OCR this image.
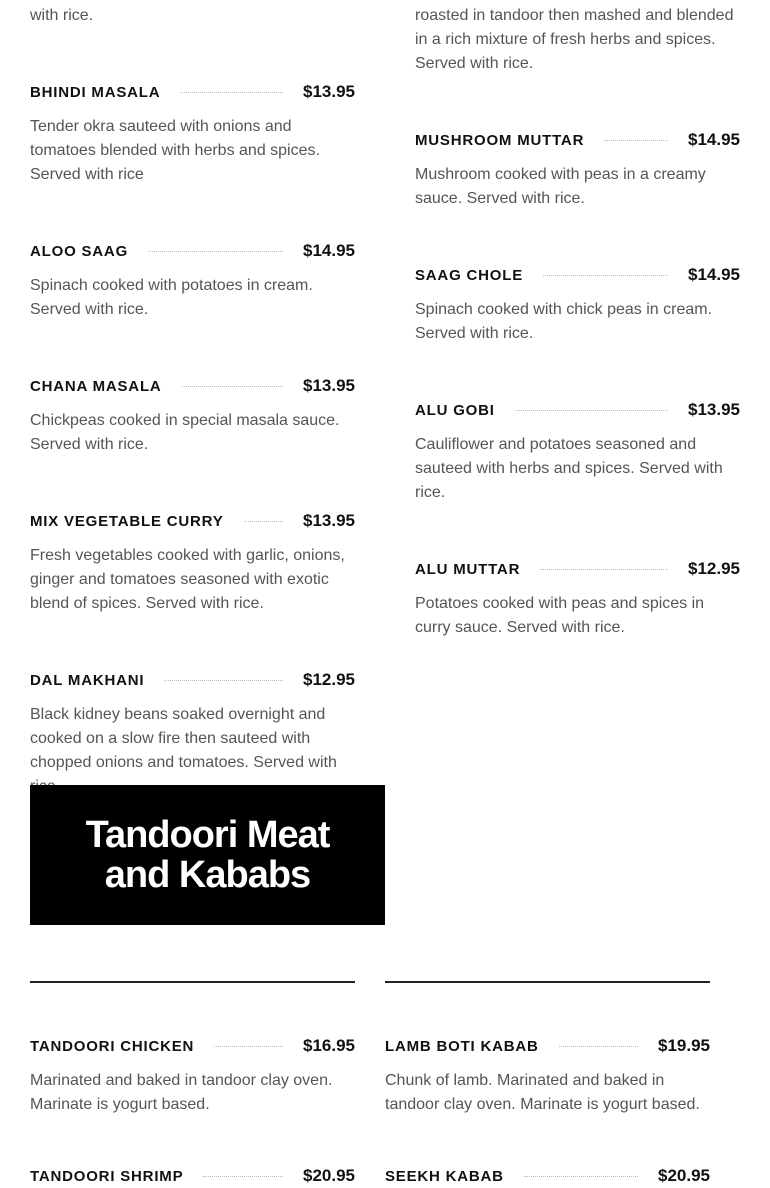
with rice.	roasted in tandoor then mashed and blended in a rich mixture of fresh herbs and spices. Served with rice.
BHINDI MASALA	$13.95
Tender okra sauteed with onions and tomatoes blended with herbs and spices. Served with rice
ALOO SAAG	$14.95
Spinach cooked with potatoes in cream. Served with rice.
CHANA MASALA	$13.95
Chickpeas cooked in special masala sauce. Served with rice.
MIX VEGETABLE CURRY	$13.95
Fresh vegetables cooked with garlic, onions, ginger and tomatoes seasoned with exotic blend of spices. Served with rice.
DAL MAKHANI	$12.95
Black kidney beans soaked overnight and cooked on a slow fire then sauteed with chopped onions and tomatoes. Served with
MUSHROOM MUTTAR	$14.95
Mushroom cooked with peas in a creamy sauce. Served with rice.
SAAG CHOLE	$14.95
Spinach cooked with chick peas in cream. Served with rice.
ALU GOBI	$13.95
Cauliflower and potatoes seasoned and sauteed with herbs and spices. Served with rice.
ALU MUTTAR	$12.95
Potatoes cooked with peas and spices in curry sauce. Served with rice.
Tandoori Meat and Kababs
TANDOORI CHICKEN	$16.95
Marinated and baked in tandoor clay oven. Marinate is yogurt based.
TANDOORI SHRIMP	$20.95
LAMB BOTI KABAB	$19.95
Chunk of lamb. Marinated and baked in tandoor clay oven. Marinate is yogurt based.
SEEKH KABAB	$20.95
